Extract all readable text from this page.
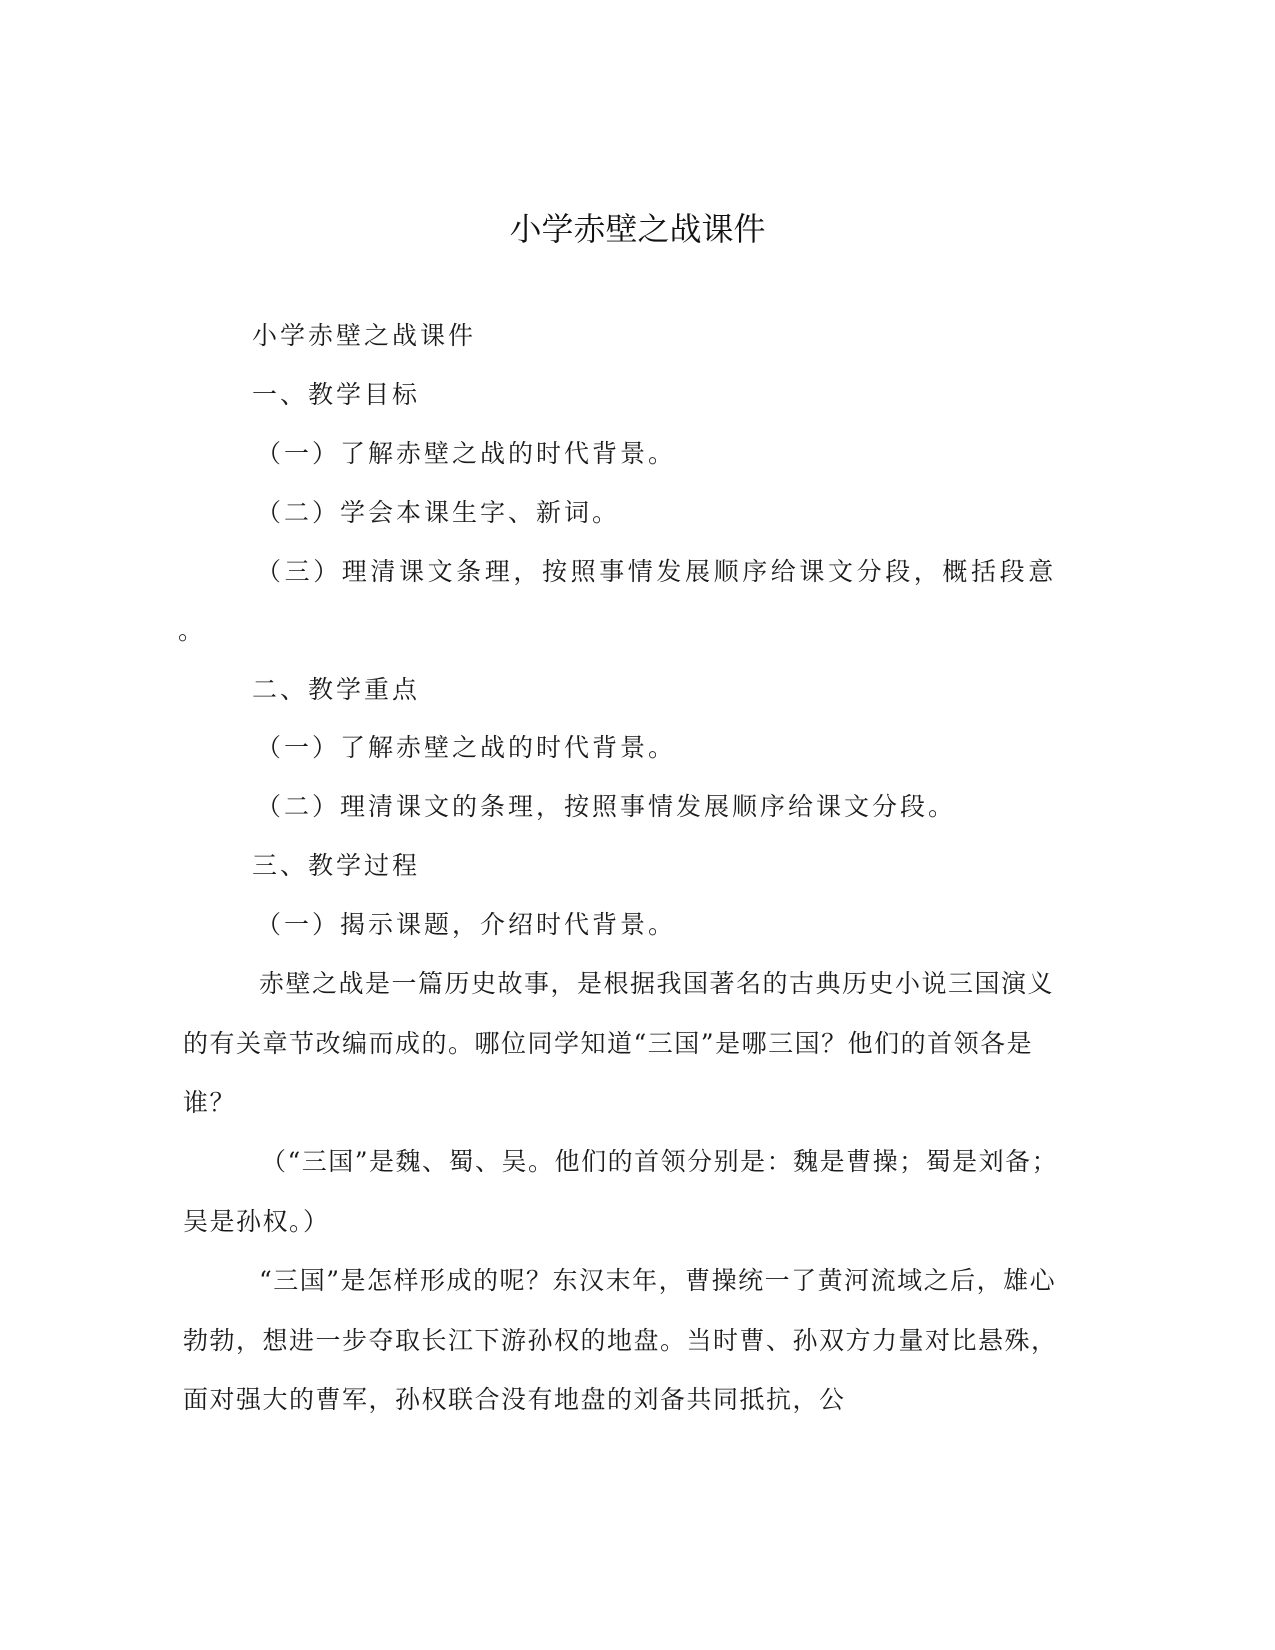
小学赤壁之战课件
小学赤壁之战课件
一、教学目标
（一）了解赤壁之战的时代背景。
（二）学会本课生字、新词。
（三）理清课文条理，按照事情发展顺序给课文分段，概括段意
。
二、教学重点
（一）了解赤壁之战的时代背景。
（二）理清课文的条理，按照事情发展顺序给课文分段。
三、教学过程
（一）揭示课题，介绍时代背景。

赤壁之战是一篇历史故事，是根据我国著名的古典历史小说三国演义的有关章节改编而成的。哪位同学知道“三国”是哪三国？他们的首领各是谁？

（“三国”是魏、蜀、吴。他们的首领分别是：魏是曹操；蜀是刘备；吴是孙权。）

“三国”是怎样形成的呢？东汉末年，曹操统一了黄河流域之后，雄心勃勃，想进一步夺取长江下游孙权的地盘。当时曹、孙双方力量对比悬殊，面对强大的曹军，孙权联合没有地盘的刘备共同抵抗，公
